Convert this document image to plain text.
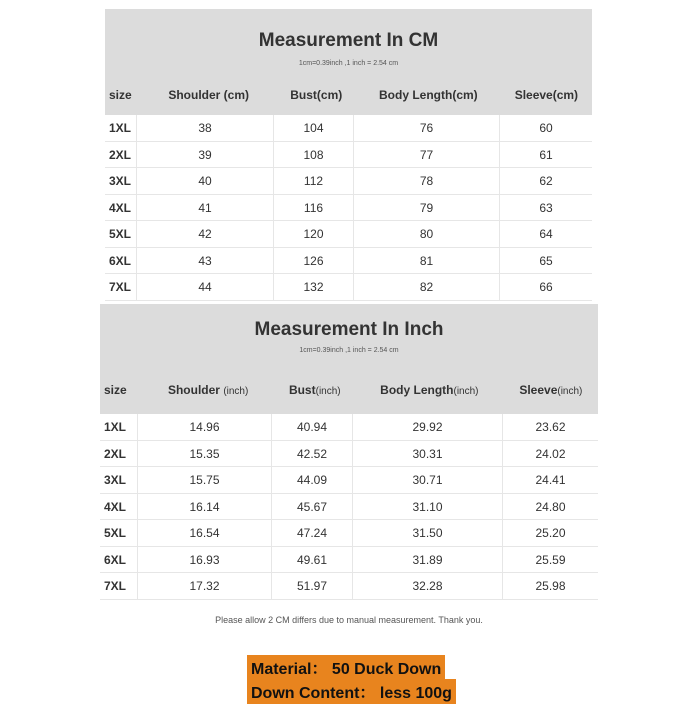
Measurement In CM
1cm=0.39inch ,1 inch = 2.54 cm
size	Shoulder (cm)	Bust(cm)	Body Length(cm)	Sleeve(cm)
1XL	38	104	76	60
2XL	39	108	77	61
3XL	40	112	78	62
4XL	41	116	79	63
5XL	42	120	80	64
6XL	43	126	81	65
7XL	44	132	82	66
Measurement In Inch
1cm=0.39inch ,1 inch = 2.54 cm
size	Shoulder (inch)	Bust(inch)	Body Length(inch)	Sleeve(inch)
1XL	14.96	40.94	29.92	23.62
2XL	15.35	42.52	30.31	24.02
3XL	15.75	44.09	30.71	24.41
4XL	16.14	45.67	31.10	24.80
5XL	16.54	47.24	31.50	25.20
6XL	16.93	49.61	31.89	25.59
7XL	17.32	51.97	32.28	25.98
Please allow 2 CM differs due to manual measurement. Thank you.
Material： 50 Duck Down
Down Content： less 100g
